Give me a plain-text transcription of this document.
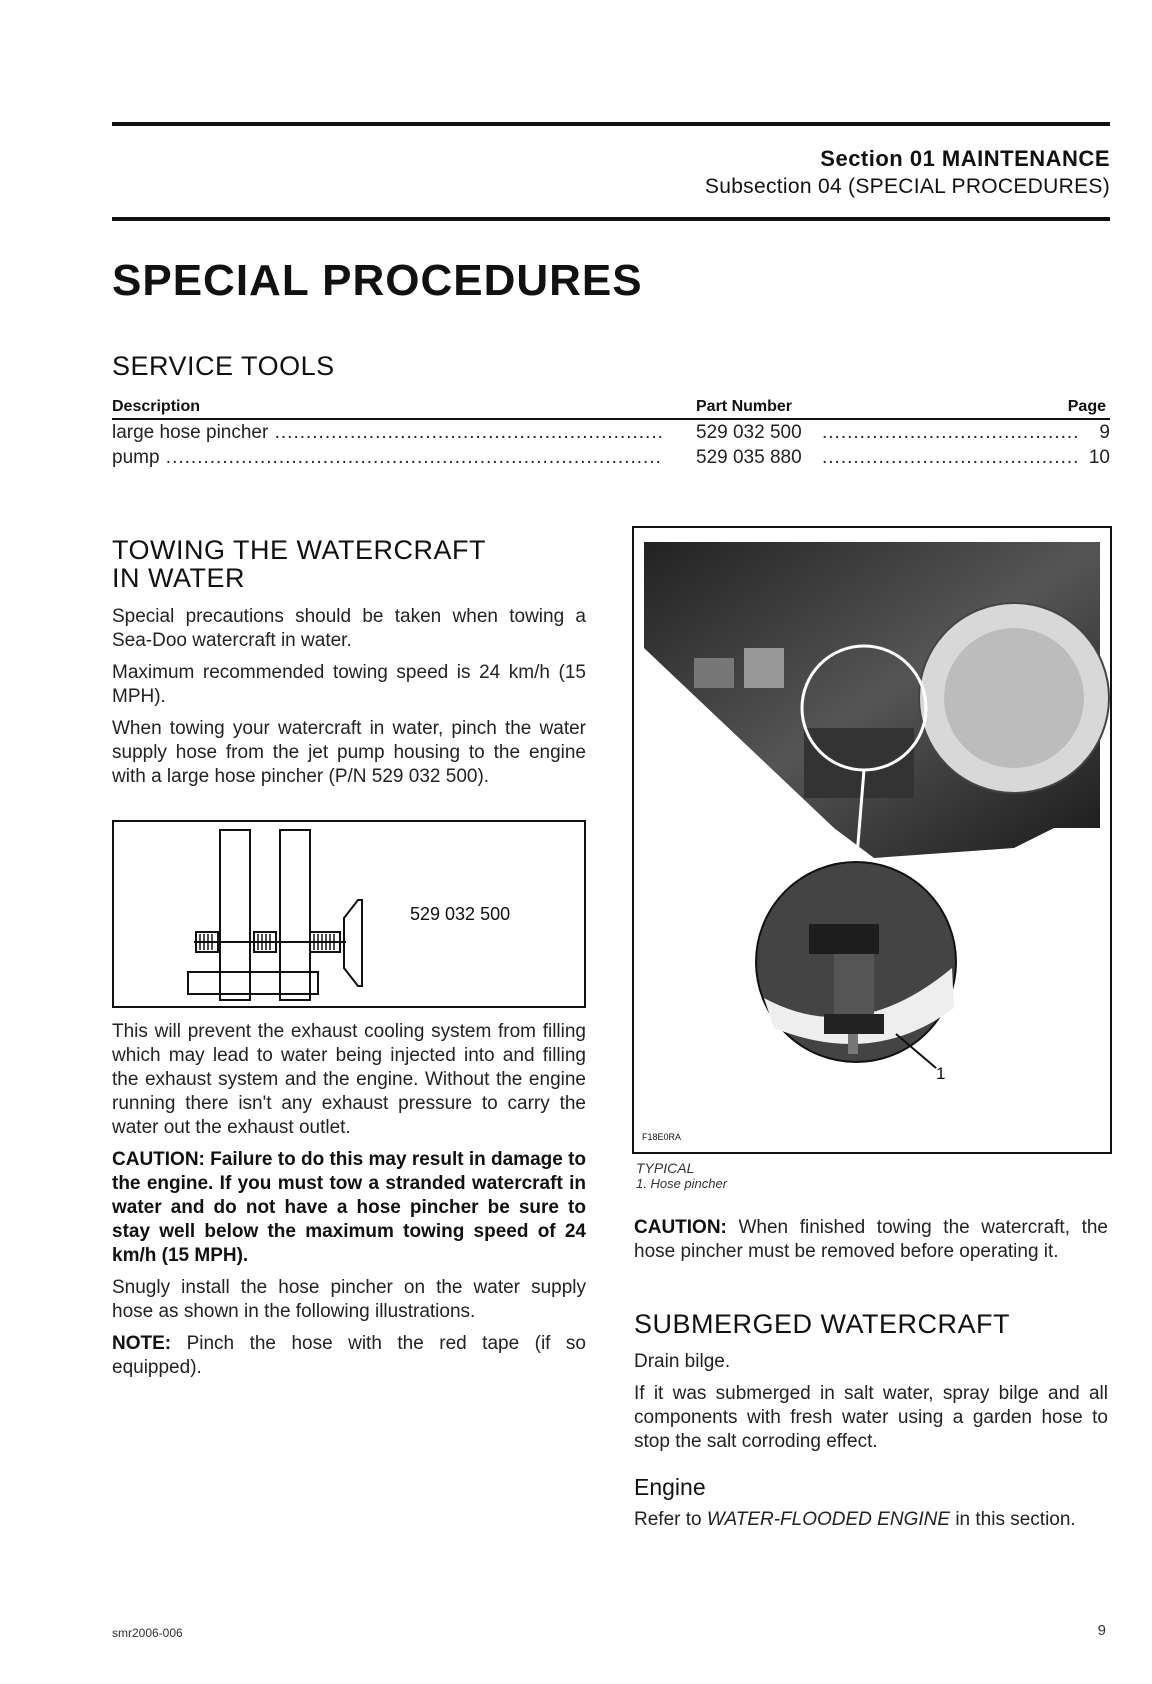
Section 01 MAINTENANCE
Subsection 04 (SPECIAL PROCEDURES)
SPECIAL PROCEDURES
SERVICE TOOLS
Description	Part Number	Page
large hose pincher .....	529 032 500 .....	9
pump .....	529 035 880 .....	10
TOWING THE WATERCRAFT
IN WATER

Special precautions should be taken when towing a Sea-Doo watercraft in water.

Maximum recommended towing speed is 24 km/h (15 MPH).

When towing your watercraft in water, pinch the water supply hose from the jet pump housing to the engine with a large hose pincher (P/N 529 032 500).

529 032 500

This will prevent the exhaust cooling system from filling which may lead to water being injected into and filling the exhaust system and the engine. Without the engine running there isn't any exhaust pressure to carry the water out the exhaust outlet.

CAUTION: Failure to do this may result in damage to the engine. If you must tow a stranded watercraft in water and do not have a hose pincher be sure to stay well below the maximum towing speed of 24 km/h (15 MPH).

Snugly install the hose pincher on the water supply hose as shown in the following illustrations.

NOTE: Pinch the hose with the red tape (if so equipped).

1
F18E0RA
TYPICAL
1. Hose pincher

CAUTION: When finished towing the watercraft, the hose pincher must be removed before operating it.

SUBMERGED WATERCRAFT

Drain bilge.

If it was submerged in salt water, spray bilge and all components with fresh water using a garden hose to stop the salt corroding effect.

Engine

Refer to WATER-FLOODED ENGINE in this section.

smr2006-006	9
